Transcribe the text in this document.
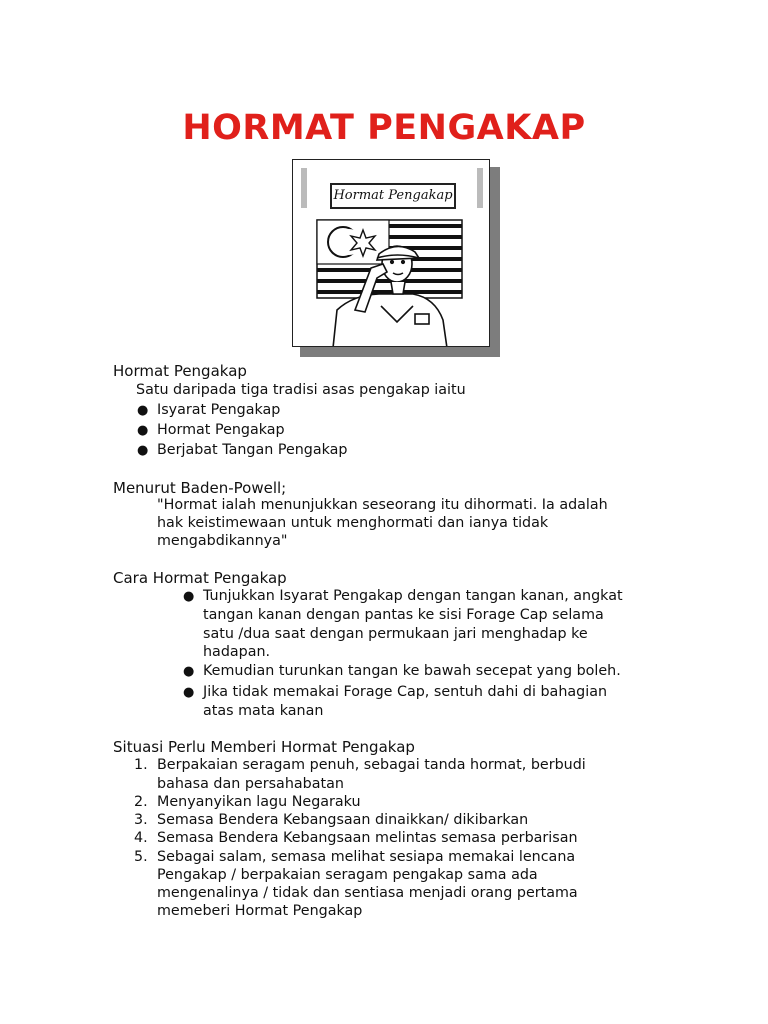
HORMAT PENGAKAP
Hormat Pengakap
Hormat Pengakap
Satu daripada tiga tradisi asas pengakap iaitu
● Isyarat Pengakap
● Hormat Pengakap
● Berjabat Tangan Pengakap
Menurut Baden-Powell;
"Hormat ialah menunjukkan seseorang itu dihormati. Ia adalah
hak keistimewaan untuk menghormati dan ianya tidak
mengabdikannya"
Cara Hormat Pengakap
● Tunjukkan Isyarat Pengakap dengan tangan kanan, angkat
tangan kanan dengan pantas ke sisi Forage Cap selama
satu /dua saat dengan permukaan jari menghadap ke
hadapan.
● Kemudian turunkan tangan ke bawah secepat yang boleh.
● Jika tidak memakai Forage Cap, sentuh dahi di bahagian
atas mata kanan
Situasi Perlu Memberi Hormat Pengakap
1. Berpakaian seragam penuh, sebagai tanda hormat, berbudi
bahasa dan persahabatan
2. Menyanyikan lagu Negaraku
3. Semasa Bendera Kebangsaan dinaikkan/ dikibarkan
4. Semasa Bendera Kebangsaan melintas semasa perbarisan
5. Sebagai salam, semasa melihat sesiapa memakai lencana
Pengakap / berpakaian seragam pengakap sama ada
mengenalinya / tidak dan sentiasa menjadi orang pertama
memeberi Hormat Pengakap
